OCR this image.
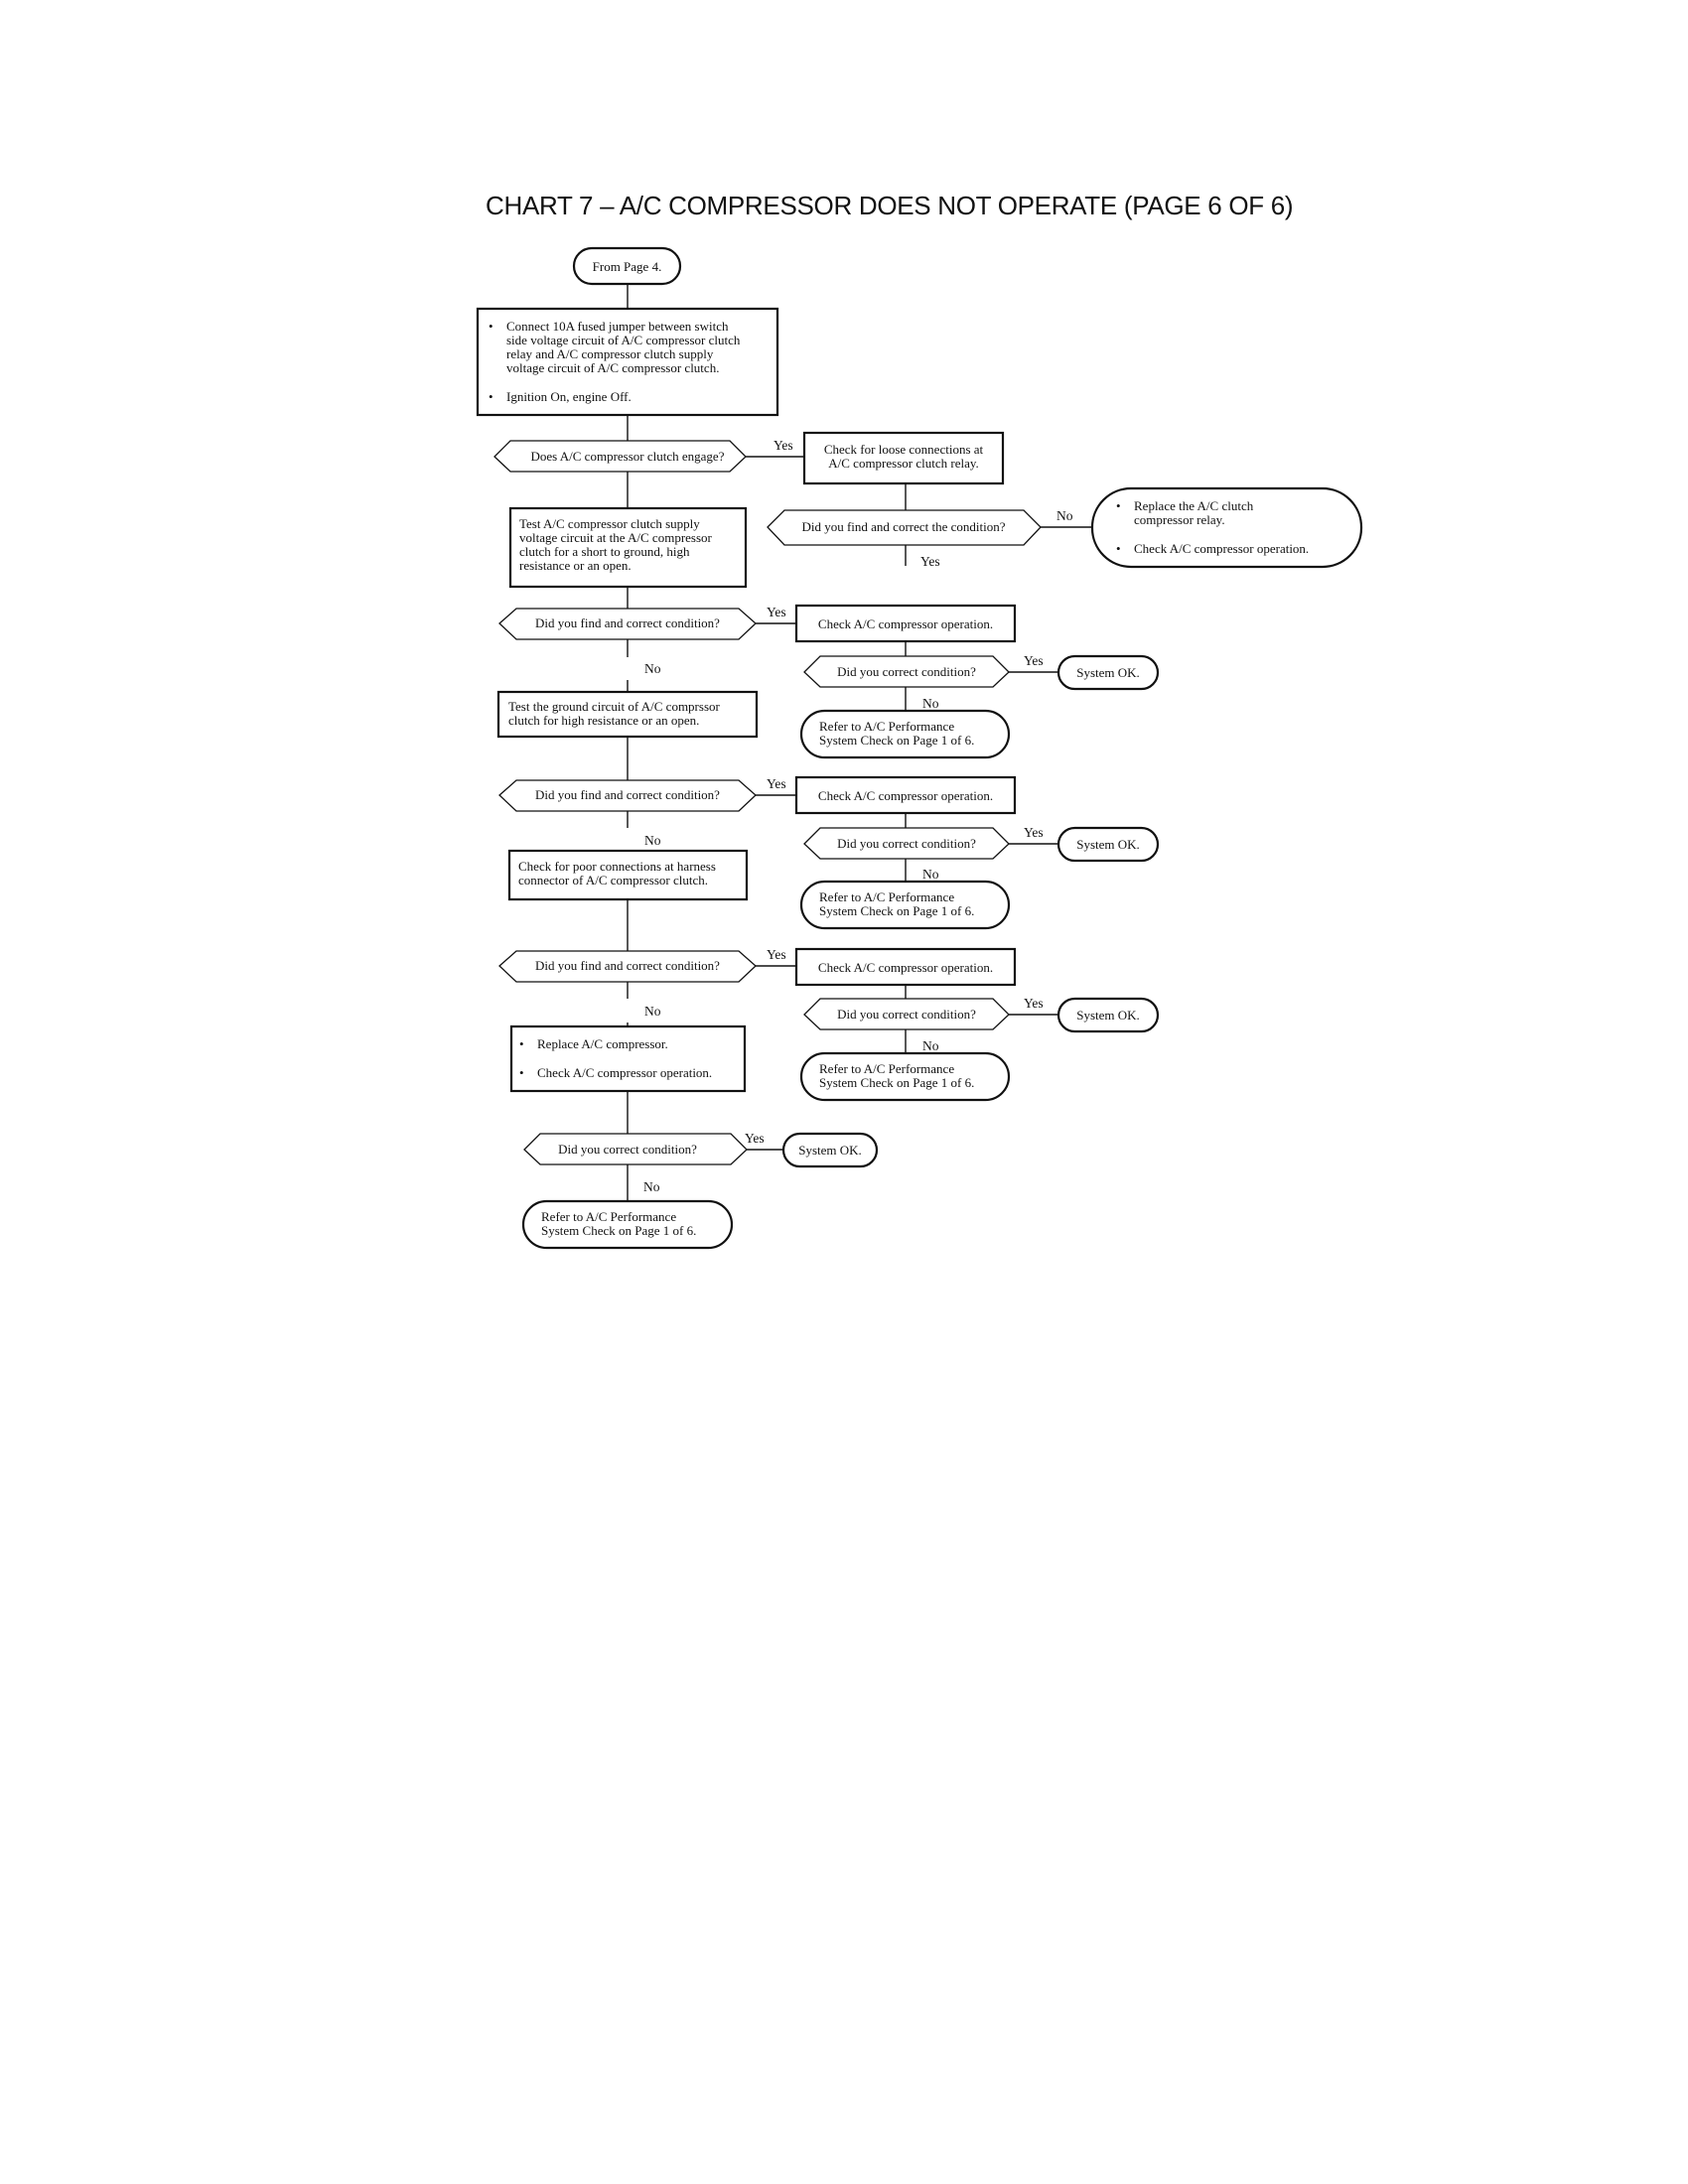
CHART 7 – A/C COMPRESSOR DOES NOT OPERATE (PAGE 6 OF 6)
From Page 4.
• Connect 10A fused jumper between switch
side voltage circuit of A/C compressor clutch
relay and A/C compressor clutch supply
voltage circuit of A/C compressor clutch.
• Ignition On, engine Off.
Does A/C compressor clutch engage?
Yes Check for loose connections at
A/C compressor clutch relay.
Did you find and correct the condition?
No
Yes
• Replace the A/C clutch
compressor relay.
• Check A/C compressor operation.
Test A/C compressor clutch supply
voltage circuit at the A/C compressor
clutch for a short to ground, high
resistance or an open.
Did you find and correct condition?
Yes
No
Check A/C compressor operation.
Did you correct condition?
Yes
System OK.
No
Refer to A/C Performance
System Check on Page 1 of 6.
Test the ground circuit of A/C comprssor
clutch for high resistance or an open.
Did you find and correct condition?
Yes
No
Check A/C compressor operation.
Did you correct condition?
Yes
System OK.
No
Refer to A/C Performance
System Check on Page 1 of 6.
Check for poor connections at harness
connector of A/C compressor clutch.
Did you find and correct condition?
Yes
No
Check A/C compressor operation.
Did you correct condition?
Yes
System OK.
No
Refer to A/C Performance
System Check on Page 1 of 6.
• Replace A/C compressor.
• Check A/C compressor operation.
Did you correct condition?
Yes
System OK.
No
Refer to A/C Performance
System Check on Page 1 of 6.
